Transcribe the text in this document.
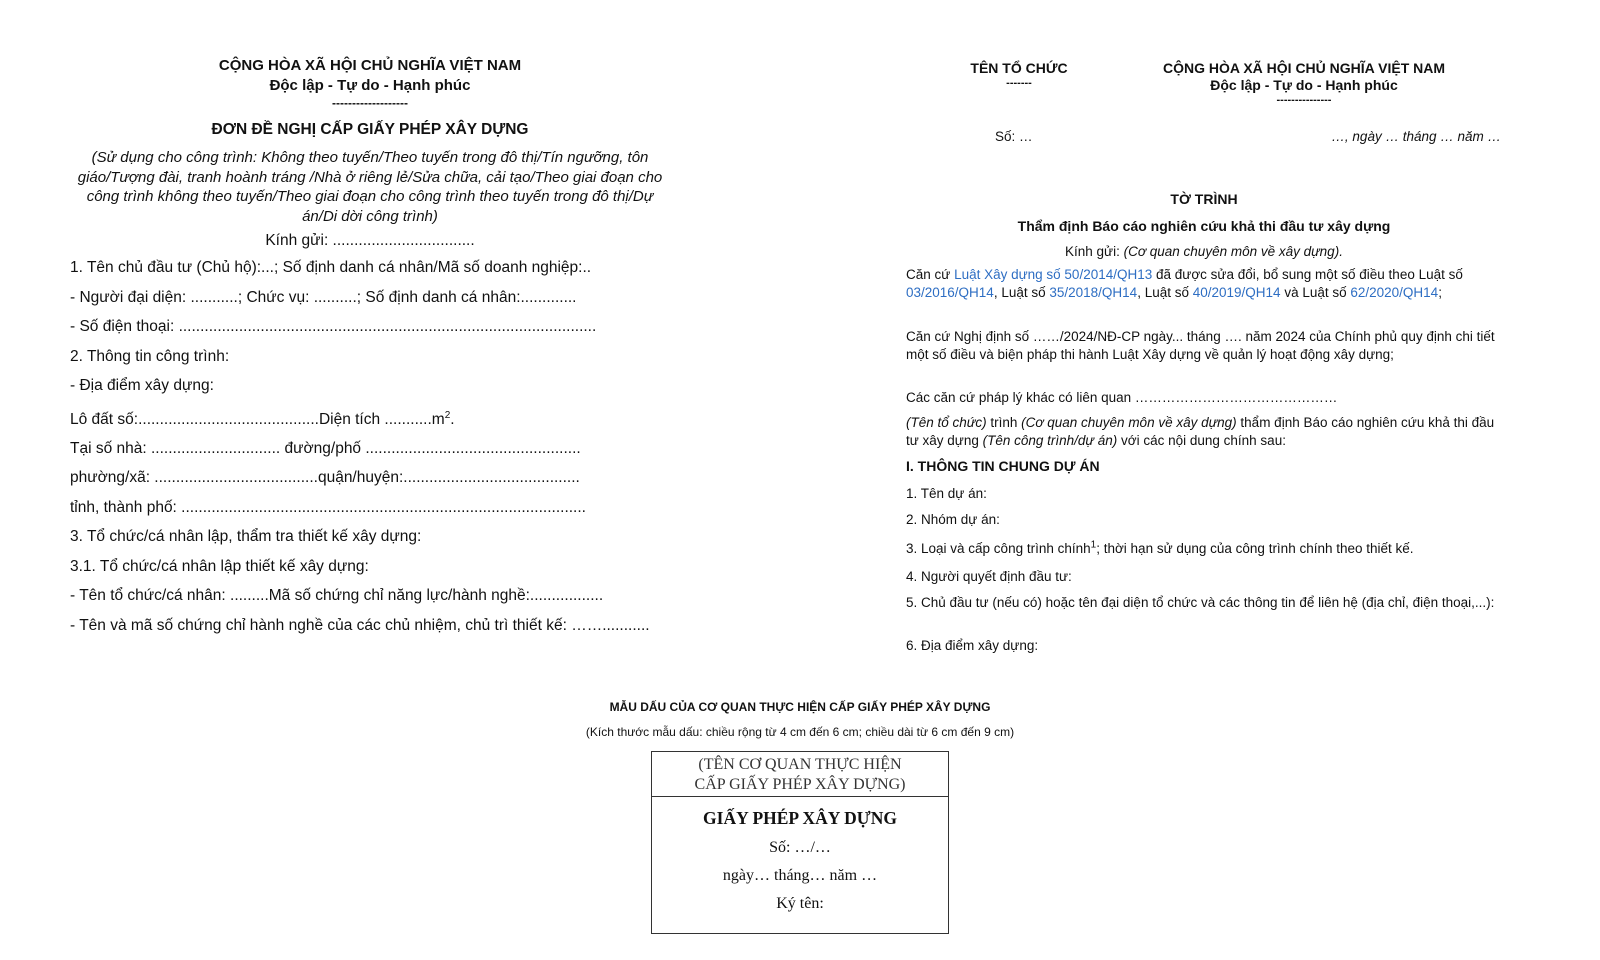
CỘNG HÒA XÃ HỘI CHỦ NGHĨA VIỆT NAM
Độc lập - Tự do - Hạnh phúc
-------------------
ĐƠN ĐỀ NGHỊ CẤP GIẤY PHÉP XÂY DỰNG
(Sử dụng cho công trình: Không theo tuyến/Theo tuyến trong đô thị/Tín ngưỡng, tôn giáo/Tượng đài, tranh hoành tráng /Nhà ở riêng lẻ/Sửa chữa, cải tạo/Theo giai đoạn cho công trình không theo tuyến/Theo giai đoạn cho công trình theo tuyến trong đô thị/Dự án/Di dời công trình)
Kính gửi: .................................
1. Tên chủ đầu tư (Chủ hộ):...; Số định danh cá nhân/Mã số doanh nghiệp:..
- Người đại diện: ...........; Chức vụ: ..........; Số định danh cá nhân:.............
- Số điện thoại: .................................................................................................
2. Thông tin công trình:
- Địa điểm xây dựng:
Lô đất số:..........................................Diện tích $...........m^2$.
Tại số nhà: .............................. đường/phố ..................................................
phường/xã: ......................................quận/huyện:.........................................
tỉnh, thành phố: ..............................................................................................
3. Tổ chức/cá nhân lập, thẩm tra thiết kế xây dựng:
3.1. Tổ chức/cá nhân lập thiết kế xây dựng:
- Tên tổ chức/cá nhân: .........Mã số chứng chỉ năng lực/hành nghề:.................
- Tên và mã số chứng chỉ hành nghề của các chủ nhiệm, chủ trì thiết kế: ……...........
TÊN TỔ CHỨC
-------
CỘNG HÒA XÃ HỘI CHỦ NGHĨA VIỆT NAM
Độc lập - Tự do - Hạnh phúc
---------------
Số: …	…, ngày … tháng … năm …
TỜ TRÌNH
Thẩm định Báo cáo nghiên cứu khả thi đầu tư xây dựng
Kính gửi: (Cơ quan chuyên môn về xây dựng).
Căn cứ Luật Xây dựng số 50/2014/QH13 đã được sửa đổi, bổ sung một số điều theo Luật số 03/2016/QH14, Luật số 35/2018/QH14, Luật số 40/2019/QH14 và Luật số 62/2020/QH14;
Căn cứ Nghị định số ……/2024/NĐ-CP ngày... tháng …. năm 2024 của Chính phủ quy định chi tiết một số điều và biện pháp thi hành Luật Xây dựng về quản lý hoạt động xây dựng;
Các căn cứ pháp lý khác có liên quan ………………………………………
(Tên tổ chức) trình (Cơ quan chuyên môn về xây dựng) thẩm định Báo cáo nghiên cứu khả thi đầu tư xây dựng (Tên công trình/dự án) với các nội dung chính sau:
I. THÔNG TIN CHUNG DỰ ÁN
1. Tên dự án:
2. Nhóm dự án:
3. Loại và cấp công trình chính$^1$; thời hạn sử dụng của công trình chính theo thiết kế.
4. Người quyết định đầu tư:
5. Chủ đầu tư (nếu có) hoặc tên đại diện tổ chức và các thông tin để liên hệ (địa chỉ, điện thoại,...):
6. Địa điểm xây dựng:
MẪU DẤU CỦA CƠ QUAN THỰC HIỆN CẤP GIẤY PHÉP XÂY DỰNG
(Kích thước mẫu dấu: chiều rộng từ 4 cm đến 6 cm; chiều dài từ 6 cm đến 9 cm)
(TÊN CƠ QUAN THỰC HIỆN
CẤP GIẤY PHÉP XÂY DỰNG)
GIẤY PHÉP XÂY DỰNG
Số: …/…
ngày… tháng… năm …
Ký tên:
